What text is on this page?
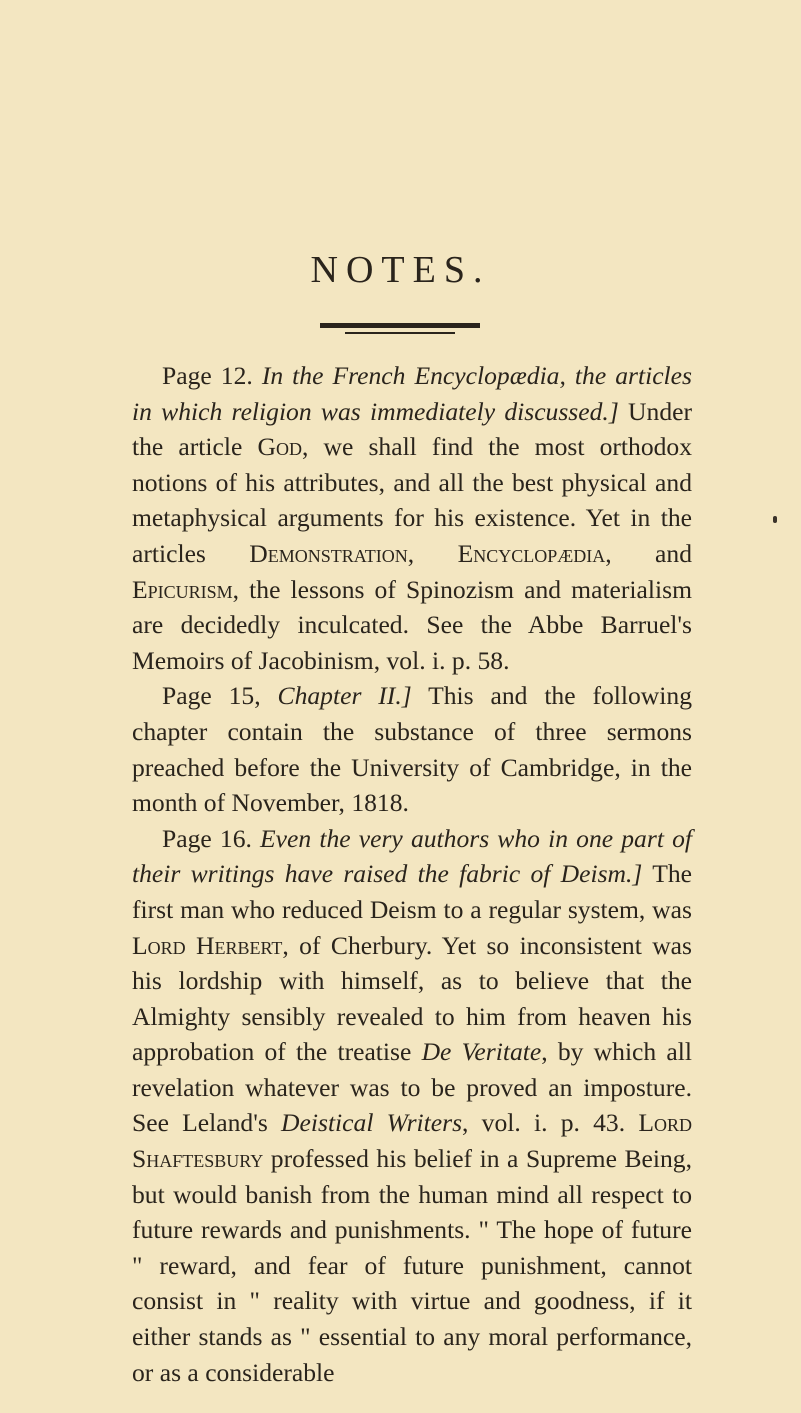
NOTES.

Page 12. In the French Encyclopædia, the articles in which religion was immediately discussed.] Under the article God, we shall find the most orthodox notions of his attributes, and all the best physical and metaphysical arguments for his existence. Yet in the articles Demonstration, Encyclopædia, and Epicurism, the lessons of Spinozism and materialism are decidedly inculcated. See the Abbe Barruel's Memoirs of Jacobinism, vol. i. p. 58.

Page 15, Chapter II.] This and the following chapter contain the substance of three sermons preached before the University of Cambridge, in the month of November, 1818.

Page 16. Even the very authors who in one part of their writings have raised the fabric of Deism.] The first man who reduced Deism to a regular system, was Lord Herbert, of Cherbury. Yet so inconsistent was his lordship with himself, as to believe that the Almighty sensibly revealed to him from heaven his approbation of the treatise De Veritate, by which all revelation whatever was to be proved an imposture. See Leland's Deistical Writers, vol. i. p. 43. Lord Shaftesbury professed his belief in a Supreme Being, but would banish from the human mind all respect to future rewards and punishments. " The hope of future " reward, and fear of future punishment, cannot consist in " reality with virtue and goodness, if it either stands as " essential to any moral performance, or as a considerable
